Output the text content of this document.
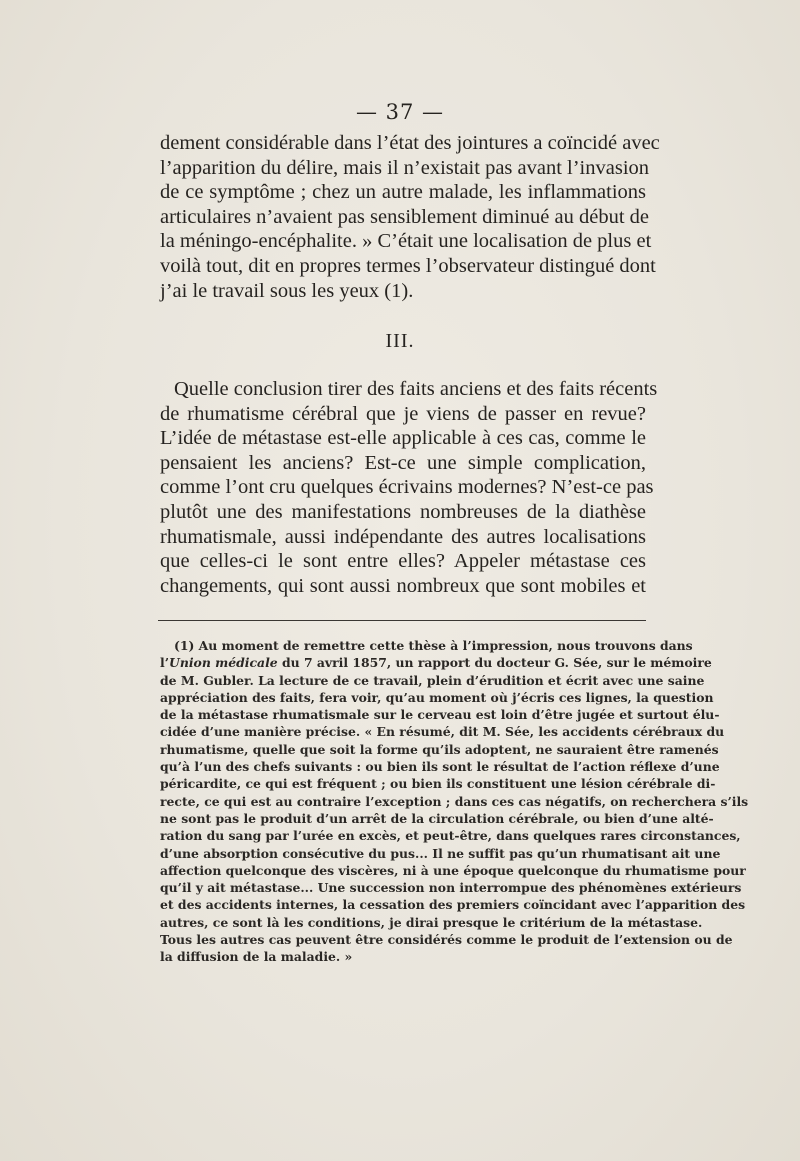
— 37 —
dement considérable dans l’état des jointures a coïncidé avec
l’apparition du délire, mais il n’existait pas avant l’invasion
de ce symptôme ; chez un autre malade, les inflammations
articulaires n’avaient pas sensiblement diminué au début de
la méningo-encéphalite. » C’était une localisation de plus et
voilà tout, dit en propres termes l’observateur distingué dont
j’ai le travail sous les yeux (1).
III.
Quelle conclusion tirer des faits anciens et des faits récents
de rhumatisme cérébral que je viens de passer en revue?
L’idée de métastase est-elle applicable à ces cas, comme le
pensaient les anciens? Est-ce une simple complication,
comme l’ont cru quelques écrivains modernes? N’est-ce pas
plutôt une des manifestations nombreuses de la diathèse
rhumatismale, aussi indépendante des autres localisations
que celles-ci le sont entre elles? Appeler métastase ces
changements, qui sont aussi nombreux que sont mobiles et
(1) Au moment de remettre cette thèse à l’impression, nous trouvons dans
l’Union médicale du 7 avril 1857, un rapport du docteur G. Sée, sur le mémoire
de M. Gubler. La lecture de ce travail, plein d’érudition et écrit avec une saine
appréciation des faits, fera voir, qu’au moment où j’écris ces lignes, la question
de la métastase rhumatismale sur le cerveau est loin d’être jugée et surtout élu-
cidée d’une manière précise. « En résumé, dit M. Sée, les accidents cérébraux du
rhumatisme, quelle que soit la forme qu’ils adoptent, ne sauraient être ramenés
qu’à l’un des chefs suivants : ou bien ils sont le résultat de l’action réflexe d’une
péricardite, ce qui est fréquent ; ou bien ils constituent une lésion cérébrale di-
recte, ce qui est au contraire l’exception ; dans ces cas négatifs, on recherchera s’ils
ne sont pas le produit d’un arrêt de la circulation cérébrale, ou bien d’une alté-
ration du sang par l’urée en excès, et peut-être, dans quelques rares circonstances,
d’une absorption consécutive du pus... Il ne suffit pas qu’un rhumatisant ait une
affection quelconque des viscères, ni à une époque quelconque du rhumatisme pour
qu’il y ait métastase... Une succession non interrompue des phénomènes extérieurs
et des accidents internes, la cessation des premiers coïncidant avec l’apparition des
autres, ce sont là les conditions, je dirai presque le critérium de la métastase.
Tous les autres cas peuvent être considérés comme le produit de l’extension ou de
la diffusion de la maladie. »
